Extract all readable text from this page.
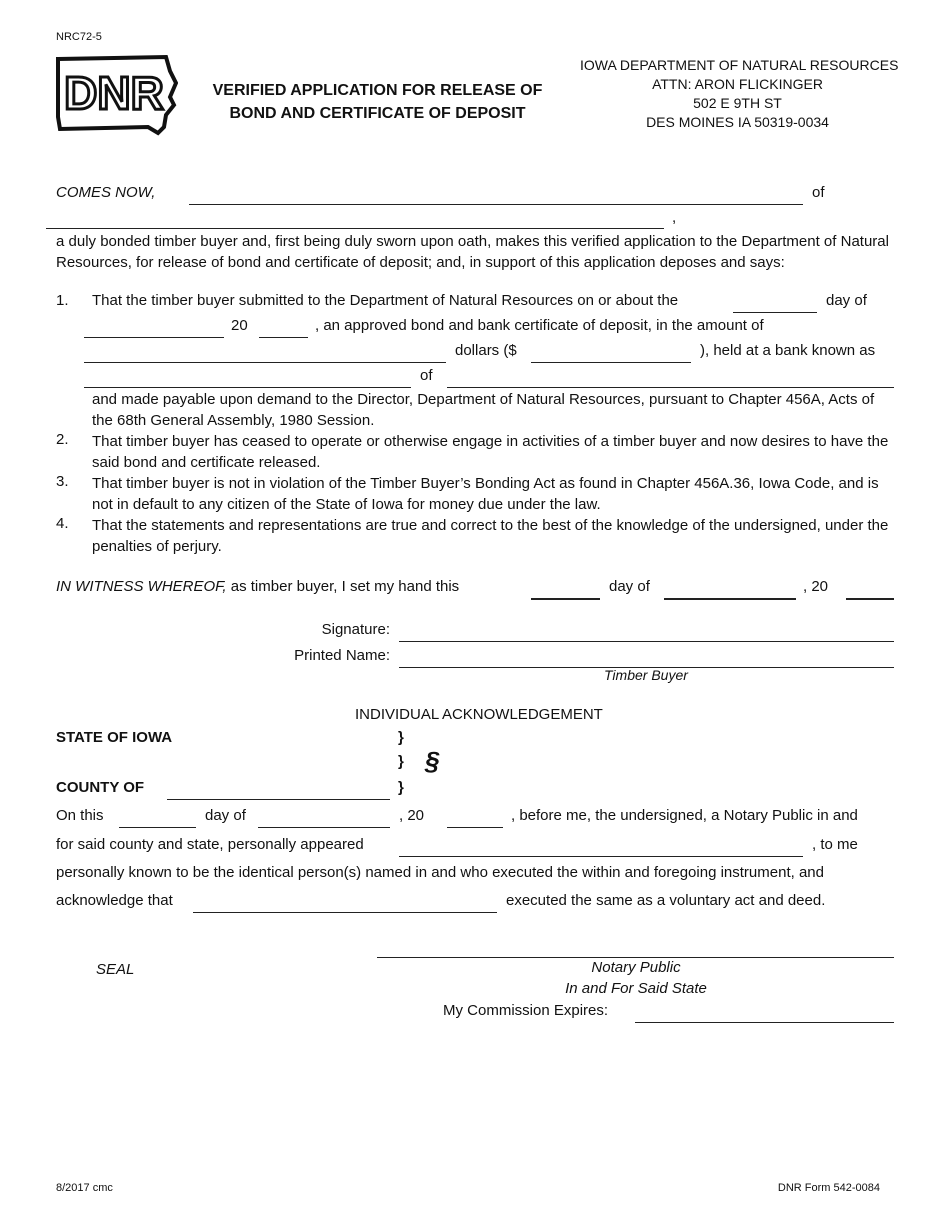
NRC72-5
DNR	VERIFIED APPLICATION FOR RELEASE OF
BOND AND CERTIFICATE OF DEPOSIT
IOWA DEPARTMENT OF NATURAL RESOURCES
ATTN: ARON FLICKINGER
502 E 9TH ST
DES MOINES IA 50319-0034
COMES NOW,	of
,
a duly bonded timber buyer and, first being duly sworn upon oath, makes this verified application to the Department of Natural Resources, for release of bond and certificate of deposit; and, in support of this application deposes and says:
1. That the timber buyer submitted to the Department of Natural Resources on or about the	day of
20	, an approved bond and bank certificate of deposit, in the amount of
dollars ($	), held at a bank known as
of
and made payable upon demand to the Director, Department of Natural Resources, pursuant to Chapter 456A, Acts of the 68th General Assembly, 1980 Session.
2. That timber buyer has ceased to operate or otherwise engage in activities of a timber buyer and now desires to have the said bond and certificate released.
3. That timber buyer is not in violation of the Timber Buyer’s Bonding Act as found in Chapter 456A.36, Iowa Code, and is not in default to any citizen of the State of Iowa for money due under the law.
4. That the statements and representations are true and correct to the best of the knowledge of the undersigned, under the penalties of perjury.
IN WITNESS WHEREOF, as timber buyer, I set my hand this	day of	, 20
Signature:
Printed Name:
Timber Buyer
INDIVIDUAL ACKNOWLEDGEMENT
STATE OF IOWA	}
} §
COUNTY OF	}
On this	day of	, 20	, before me, the undersigned, a Notary Public in and
for said county and state, personally appeared	, to me
personally known to be the identical person(s) named in and who executed the within and foregoing instrument, and
acknowledge that	executed the same as a voluntary act and deed.
SEAL	Notary Public
In and For Said State
My Commission Expires:
8/2017 cmc	DNR Form 542-0084
